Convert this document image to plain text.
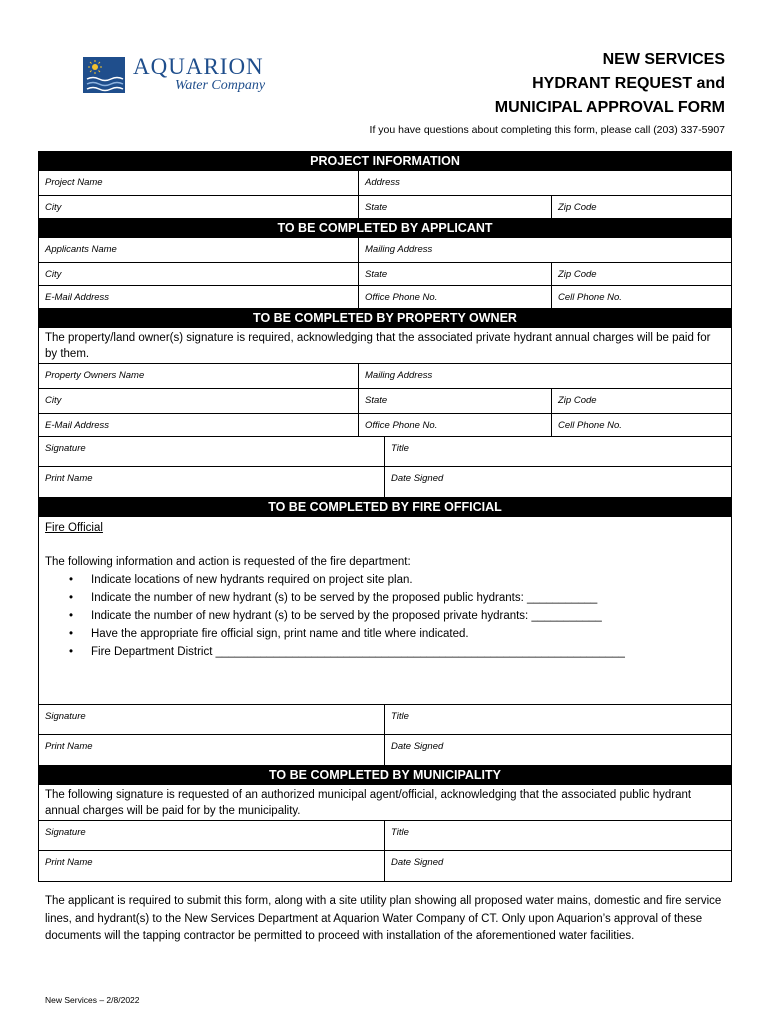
AQUARION
Water Company
NEW SERVICES
HYDRANT REQUEST and
MUNICIPAL APPROVAL FORM
If you have questions about completing this form, please call (203) 337-5907
PROJECT INFORMATION
Project Name	Address
City	State	Zip Code
TO BE COMPLETED BY APPLICANT
Applicants Name	Mailing Address
City	State	Zip Code
E-Mail Address	Office Phone No.	Cell Phone No.
TO BE COMPLETED BY PROPERTY OWNER
The property/land owner(s) signature is required, acknowledging that the associated private hydrant annual charges will be paid for by them.
Property Owners Name	Mailing Address
City	State	Zip Code
E-Mail Address	Office Phone No.	Cell Phone No.
Signature	Title
Print Name	Date Signed
TO BE COMPLETED BY FIRE OFFICIAL
Fire Official
The following information and action is requested of the fire department:
• Indicate locations of new hydrants required on project site plan.
• Indicate the number of new hydrant (s) to be served by the proposed public hydrants: ___________
• Indicate the number of new hydrant (s) to be served by the proposed private hydrants: ___________
• Have the appropriate fire official sign, print name and title where indicated.
• Fire Department District ________________________________________________________________
Signature	Title
Print Name	Date Signed
TO BE COMPLETED BY MUNICIPALITY
The following signature is requested of an authorized municipal agent/official, acknowledging that the associated public hydrant annual charges will be paid for by the municipality.
Signature	Title
Print Name	Date Signed
The applicant is required to submit this form, along with a site utility plan showing all proposed water mains, domestic and fire service lines, and hydrant(s) to the New Services Department at Aquarion Water Company of CT. Only upon Aquarion’s approval of these documents will the tapping contractor be permitted to proceed with installation of the aforementioned water facilities.
New Services – 2/8/2022
